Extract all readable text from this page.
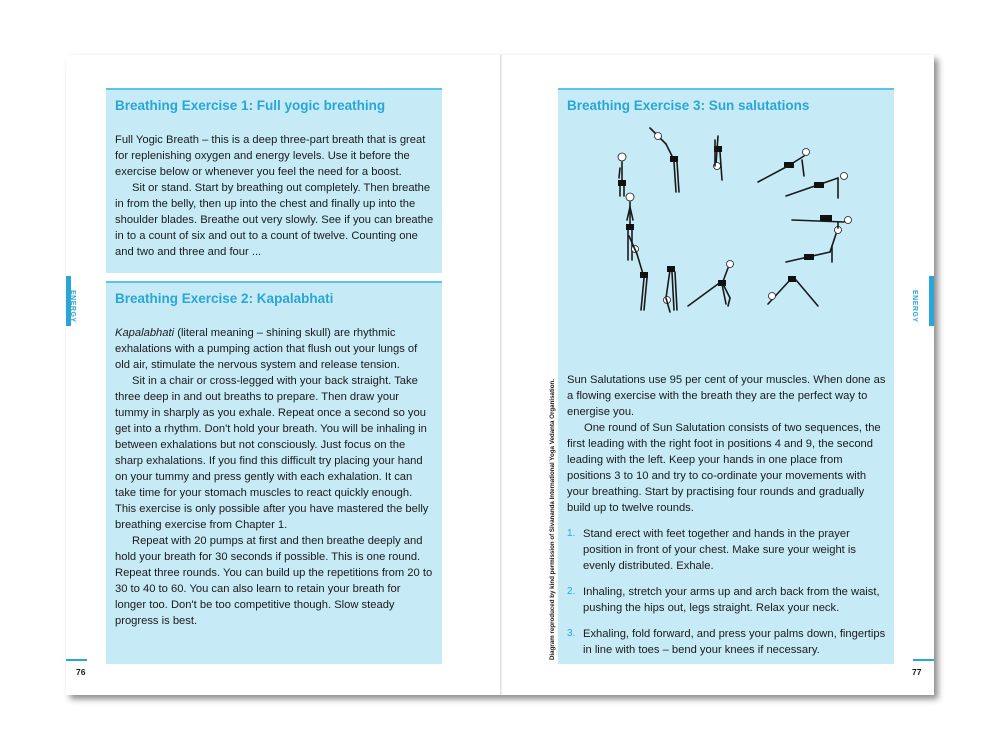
Breathing Exercise 1: Full yogic breathing

Full Yogic Breath – this is a deep three-part breath that is great for replenishing oxygen and energy levels. Use it before the exercise below or whenever you feel the need for a boost.

Sit or stand. Start by breathing out completely. Then breathe in from the belly, then up into the chest and finally up into the shoulder blades. Breathe out very slowly. See if you can breathe in to a count of six and out to a count of twelve. Counting one and two and three and four ...

Breathing Exercise 2: Kapalabhati

Kapalabhati (literal meaning – shining skull) are rhythmic exhalations with a pumping action that flush out your lungs of old air, stimulate the nervous system and release tension.

Sit in a chair or cross-legged with your back straight. Take three deep in and out breaths to prepare. Then draw your tummy in sharply as you exhale. Repeat once a second so you get into a rhythm. Don't hold your breath. You will be inhaling in between exhalations but not consciously. Just focus on the sharp exhalations. If you find this difficult try placing your hand on your tummy and press gently with each exhalation. It can take time for your stomach muscles to react quickly enough. This exercise is only possible after you have mastered the belly breathing exercise from Chapter 1.

Repeat with 20 pumps at first and then breathe deeply and hold your breath for 30 seconds if possible. This is one round. Repeat three rounds. You can build up the repetitions from 20 to 30 to 40 to 60. You can also learn to retain your breath for longer too. Don't be too competitive though. Slow steady progress is best.

ENERGY
76
Breathing Exercise 3: Sun salutations

Sun Salutations use 95 per cent of your muscles. When done as a flowing exercise with the breath they are the perfect way to energise you.

One round of Sun Salutation consists of two sequences, the first leading with the right foot in positions 4 and 9, the second leading with the left. Keep your hands in one place from positions 3 to 10 and try to co-ordinate your movements with your breathing. Start by practising four rounds and gradually build up to twelve rounds.

1. Stand erect with feet together and hands in the prayer position in front of your chest. Make sure your weight is evenly distributed. Exhale.
2. Inhaling, stretch your arms up and arch back from the waist, pushing the hips out, legs straight. Relax your neck.
3. Exhaling, fold forward, and press your palms down, fingertips in line with toes – bend your knees if necessary.
Diagram reproduced by kind permission of Sivananda International Yoga Vedanta Organisation.
ENERGY
77
